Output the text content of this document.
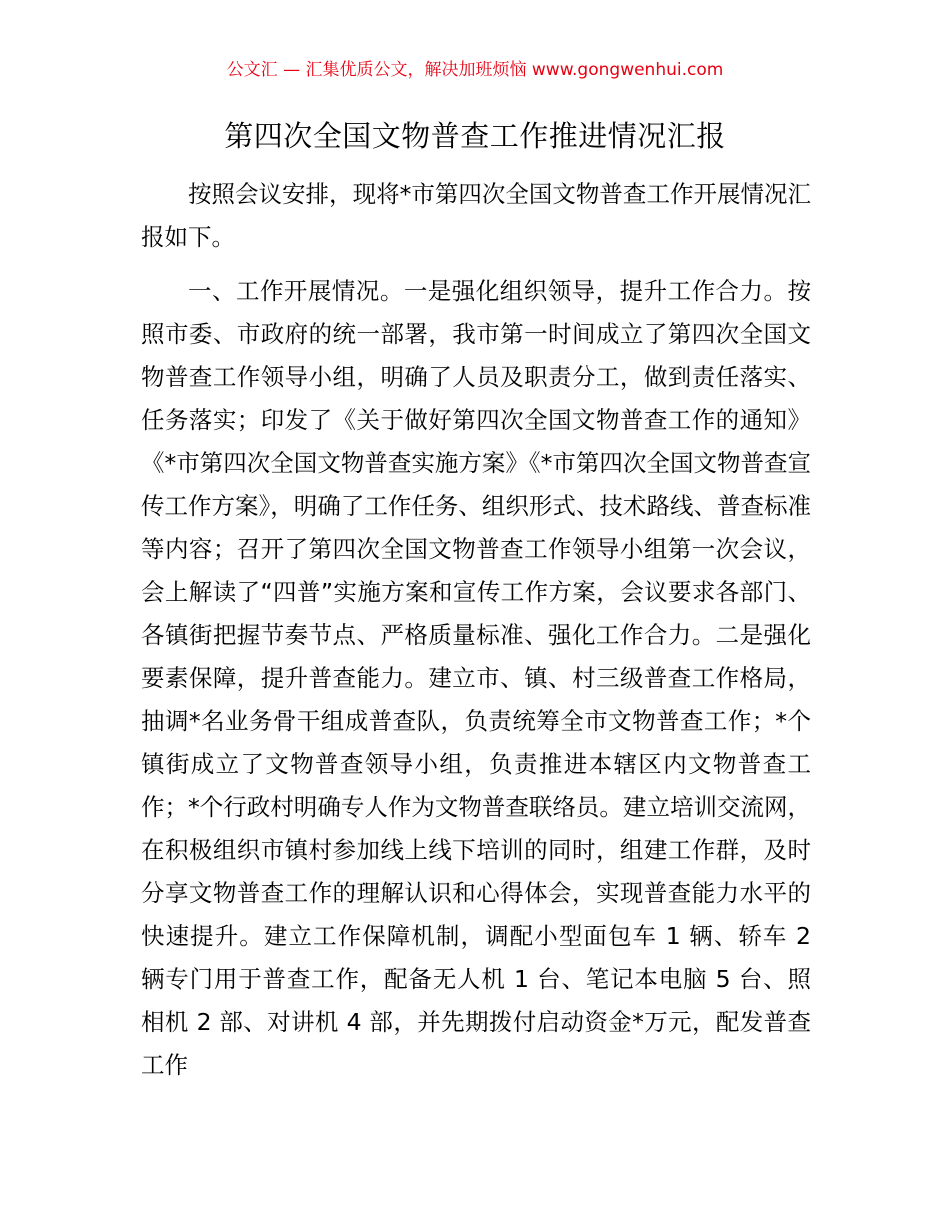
公文汇 — 汇集优质公文，解决加班烦恼 www.gongwenhui.com
第四次全国文物普查工作推进情况汇报

按照会议安排，现将*市第四次全国文物普查工作开展情况汇报如下。

一、工作开展情况。一是强化组织领导，提升工作合力。按照市委、市政府的统一部署，我市第一时间成立了第四次全国文物普查工作领导小组，明确了人员及职责分工，做到责任落实、任务落实；印发了《关于做好第四次全国文物普查工作的通知》《*市第四次全国文物普查实施方案》《*市第四次全国文物普查宣传工作方案》，明确了工作任务、组织形式、技术路线、普查标准等内容；召开了第四次全国文物普查工作领导小组第一次会议，会上解读了“四普”实施方案和宣传工作方案，会议要求各部门、各镇街把握节奏节点、严格质量标准、强化工作合力。二是强化要素保障，提升普查能力。建立市、镇、村三级普查工作格局，抽调*名业务骨干组成普查队，负责统筹全市文物普查工作；*个镇街成立了文物普查领导小组，负责推进本辖区内文物普查工作；*个行政村明确专人作为文物普查联络员。建立培训交流网，在积极组织市镇村参加线上线下培训的同时，组建工作群，及时分享文物普查工作的理解认识和心得体会，实现普查能力水平的快速提升。建立工作保障机制，调配小型面包车 1 辆、轿车 2 辆专门用于普查工作，配备无人机 1 台、笔记本电脑 5 台、照相机 2 部、对讲机 4 部，并先期拨付启动资金*万元，配发普查工作
